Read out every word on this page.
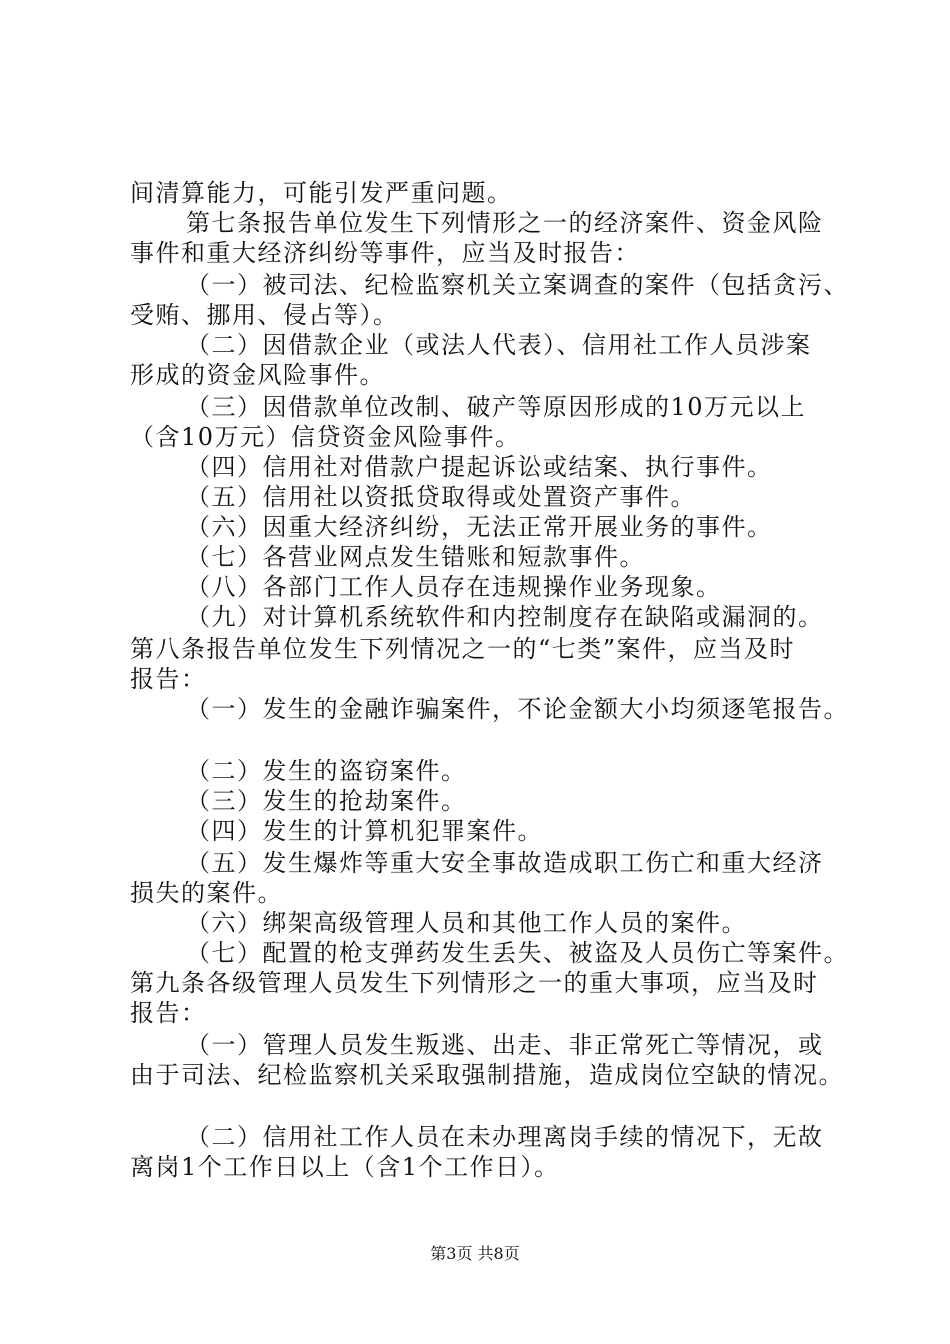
间清算能力，可能引发严重问题。
第七条报告单位发生下列情形之一的经济案件、资金风险
事件和重大经济纠纷等事件，应当及时报告：
（一）被司法、纪检监察机关立案调查的案件（包括贪污、
受贿、挪用、侵占等）。
（二）因借款企业（或法人代表）、信用社工作人员涉案
形成的资金风险事件。
（三）因借款单位改制、破产等原因形成的10万元以上
（含10万元）信贷资金风险事件。
（四）信用社对借款户提起诉讼或结案、执行事件。
（五）信用社以资抵贷取得或处置资产事件。
（六）因重大经济纠纷，无法正常开展业务的事件。
（七）各营业网点发生错账和短款事件。
（八）各部门工作人员存在违规操作业务现象。
（九）对计算机系统软件和内控制度存在缺陷或漏洞的。
第八条报告单位发生下列情况之一的“七类”案件，应当及时
报告：
（一）发生的金融诈骗案件，不论金额大小均须逐笔报告。
（二）发生的盗窃案件。
（三）发生的抢劫案件。
（四）发生的计算机犯罪案件。
（五）发生爆炸等重大安全事故造成职工伤亡和重大经济
损失的案件。
（六）绑架高级管理人员和其他工作人员的案件。
（七）配置的枪支弹药发生丢失、被盗及人员伤亡等案件。
第九条各级管理人员发生下列情形之一的重大事项，应当及时
报告：
（一）管理人员发生叛逃、出走、非正常死亡等情况，或
由于司法、纪检监察机关采取强制措施，造成岗位空缺的情况。
（二）信用社工作人员在未办理离岗手续的情况下，无故
离岗1个工作日以上（含1个工作日）。
第3页 共8页
